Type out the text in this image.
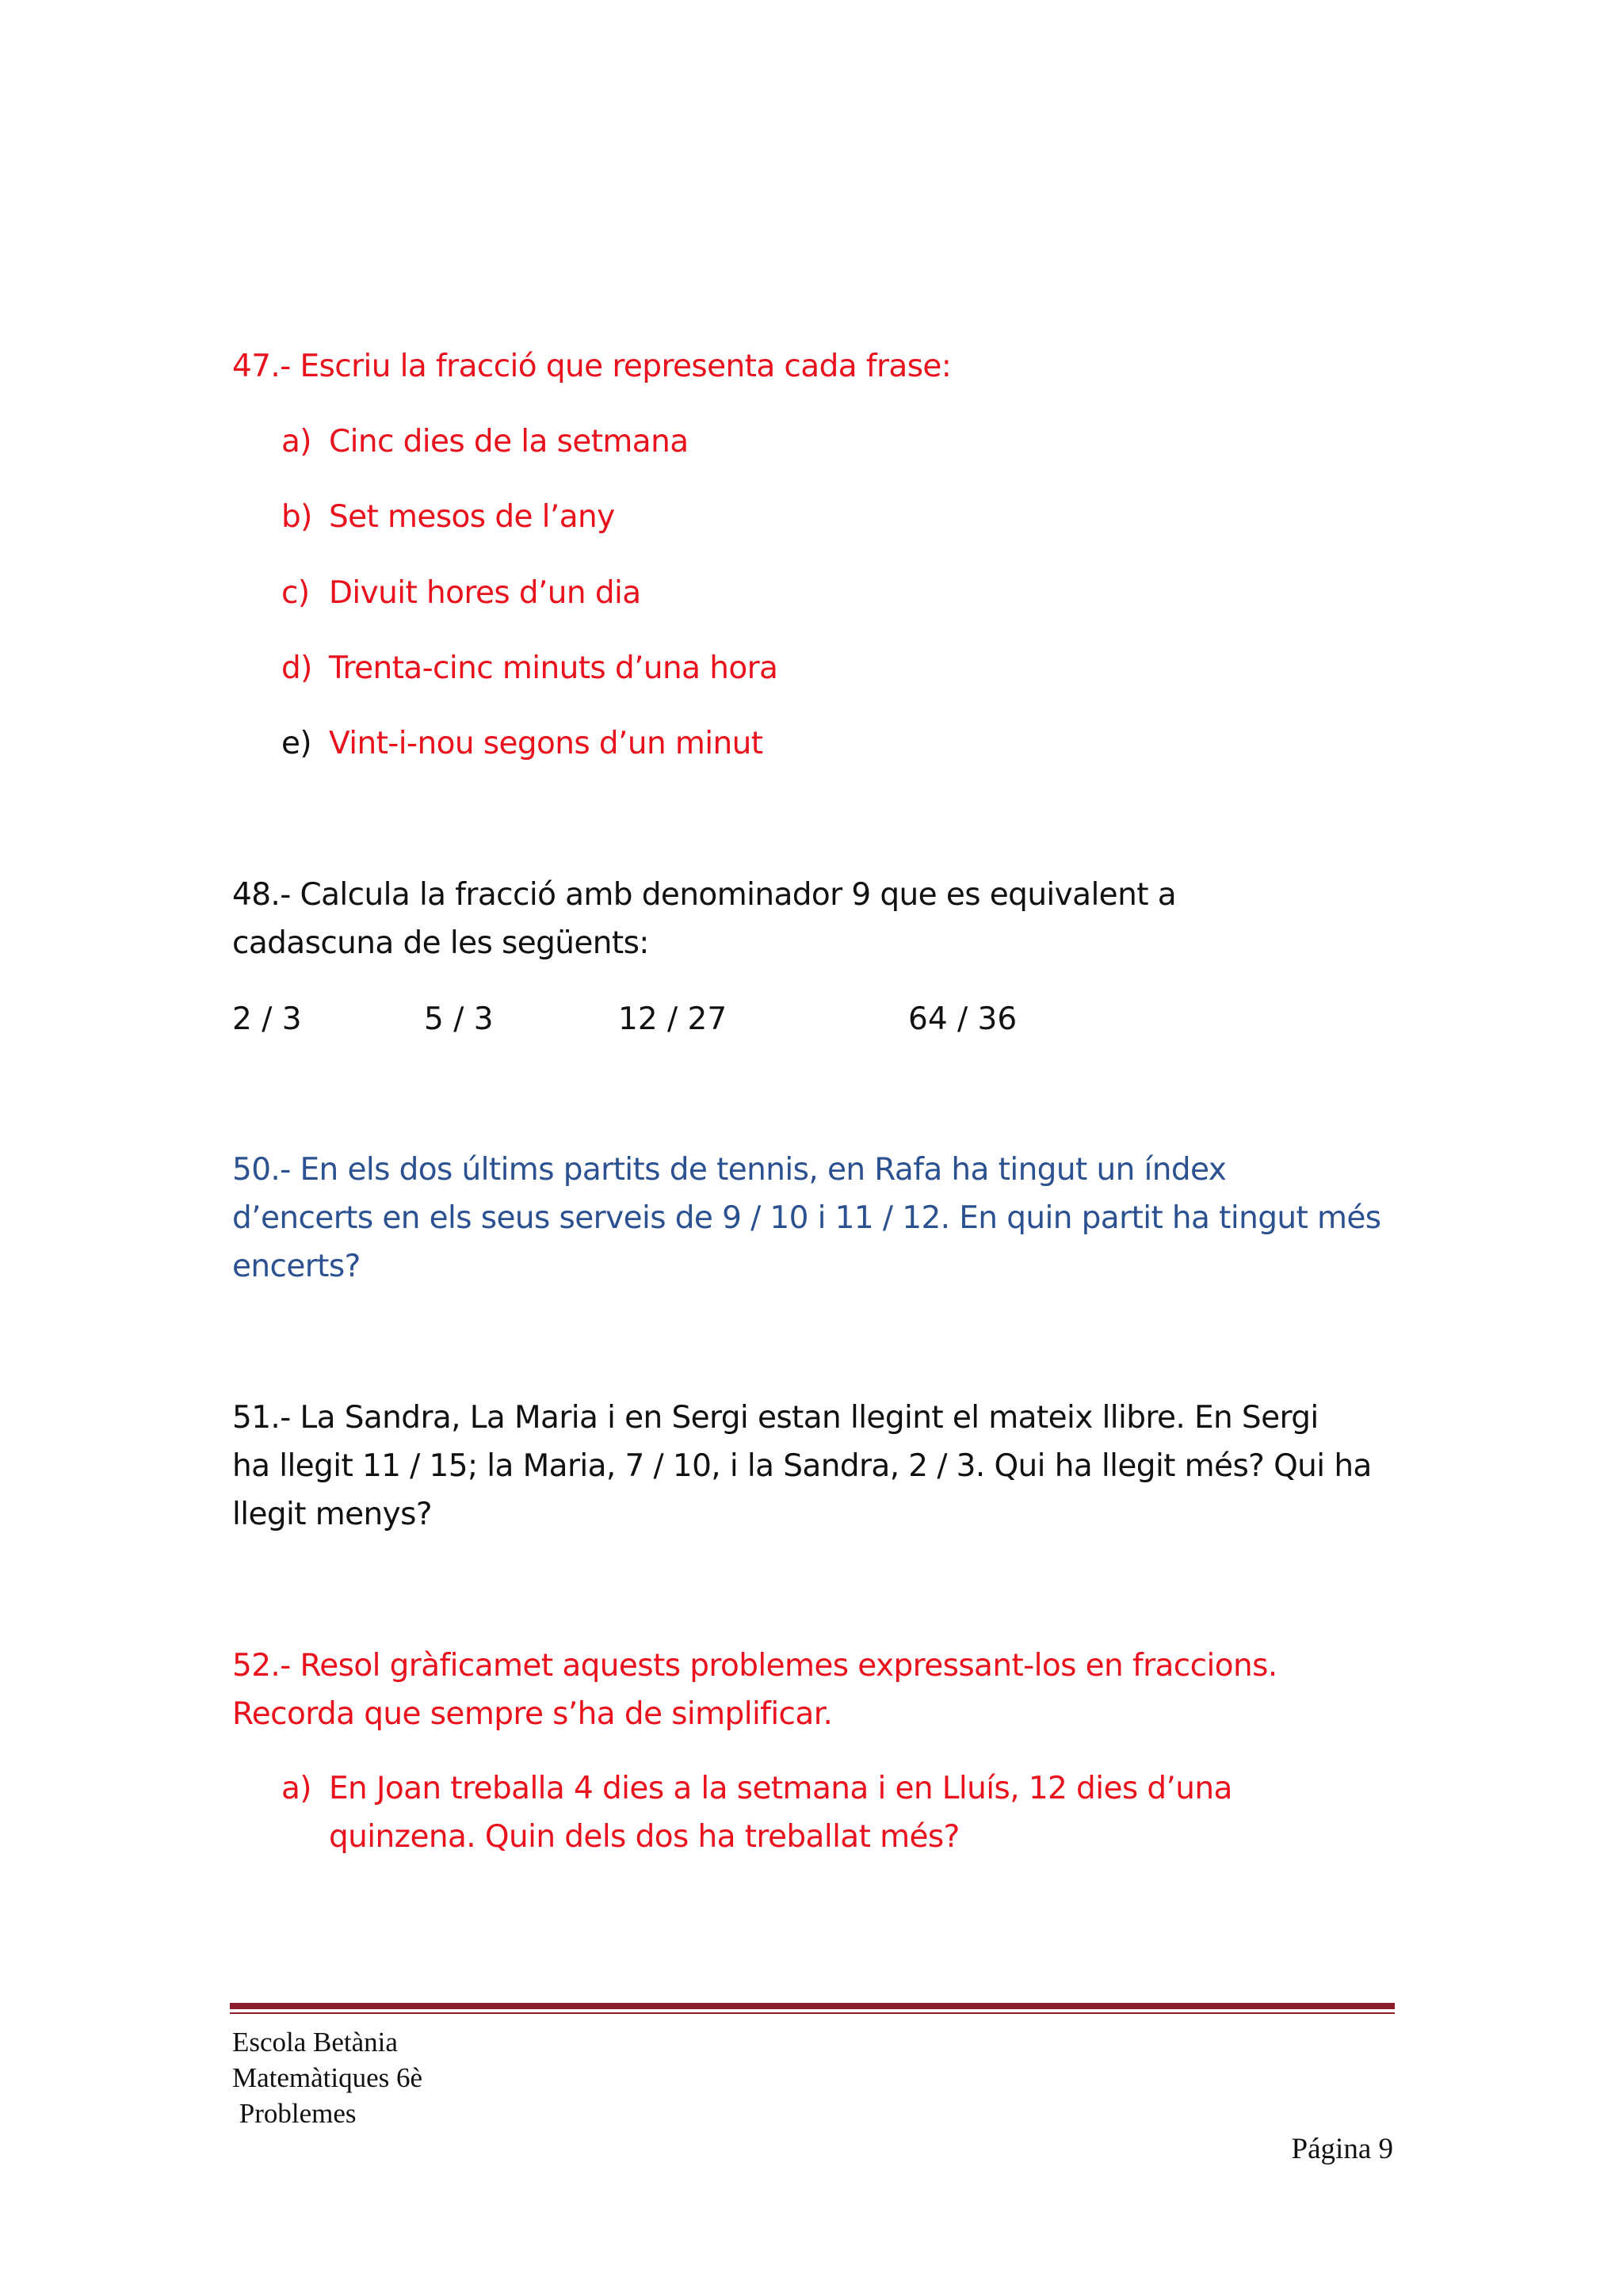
47.- Escriu la fracció que representa cada frase:
a) Cinc dies de la setmana
b) Set mesos de l’any
c) Divuit hores d’un dia
d) Trenta-cinc minuts d’una hora
e) Vint-i-nou segons d’un minut
48.- Calcula la fracció amb denominador 9 que es equivalent a
cadascuna de les següents:
2 / 3	5 / 3	12 / 27	64 / 36
50.- En els dos últims partits de tennis, en Rafa ha tingut un índex
d’encerts en els seus serveis de 9 / 10 i 11 / 12. En quin partit ha tingut més
encerts?
51.- La Sandra, La Maria i en Sergi estan llegint el mateix llibre. En Sergi
ha llegit 11 / 15; la Maria, 7 / 10, i la Sandra, 2 / 3. Qui ha llegit més? Qui ha
llegit menys?
52.- Resol gràficamet aquests problemes expressant-los en fraccions.
Recorda que sempre s’ha de simplificar.
a) En Joan treballa 4 dies a la setmana i en Lluís, 12 dies d’una
quinzena. Quin dels dos ha treballat més?
Escola Betània
Matemàtiques 6è
Problemes
Página 9
